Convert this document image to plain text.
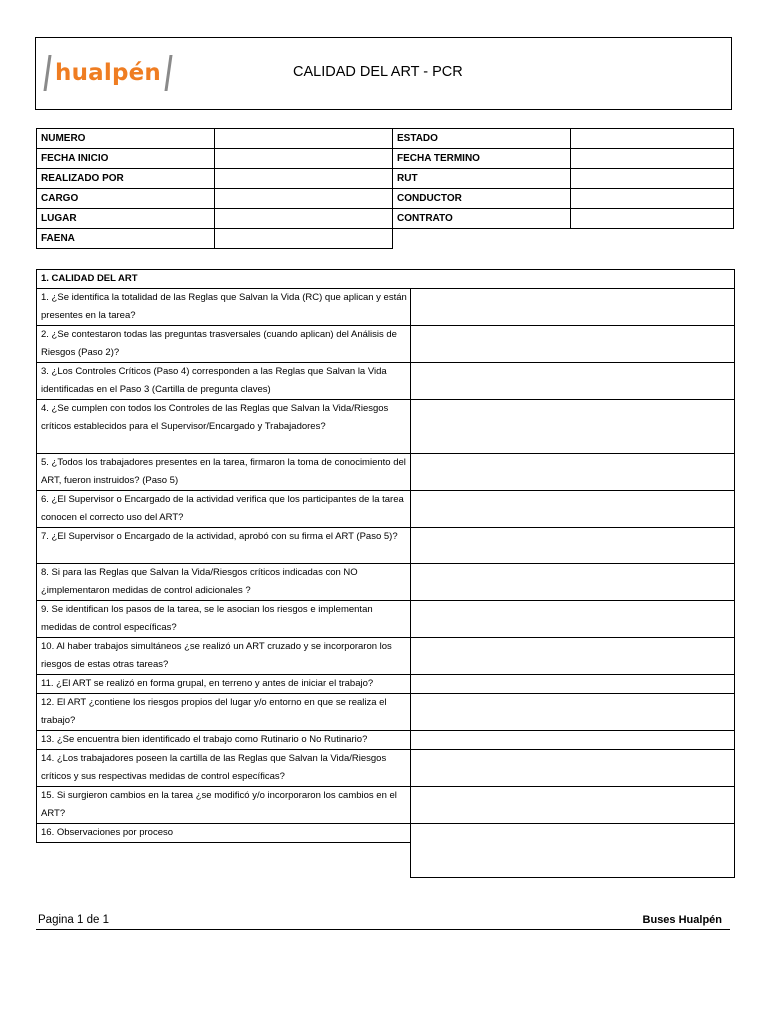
hualpén	CALIDAD DEL ART - PCR
NUMERO		ESTADO	
FECHA INICIO		FECHA TERMINO	
REALIZADO POR		RUT	
CARGO		CONDUCTOR	
LUGAR		CONTRATO	
FAENA			
1. CALIDAD DEL ART	
1. ¿Se identifica la totalidad de las Reglas que Salvan la Vida (RC) que aplican y están presentes en la tarea?	
2. ¿Se contestaron todas las preguntas trasversales (cuando aplican) del Análisis de Riesgos (Paso 2)?	
3. ¿Los Controles Críticos (Paso 4) corresponden a las Reglas que Salvan la Vida identificadas en el Paso 3 (Cartilla de pregunta claves)	
4. ¿Se cumplen con todos los Controles de las Reglas que Salvan la Vida/Riesgos críticos establecidos para el Supervisor/Encargado y Trabajadores?	
5. ¿Todos los trabajadores presentes en la tarea, firmaron la toma de conocimiento del ART, fueron instruidos? (Paso 5)	
6. ¿El Supervisor o Encargado de la actividad verifica que los participantes de la tarea conocen el correcto uso del ART?	
7. ¿El Supervisor o Encargado de la actividad, aprobó con su firma el ART (Paso 5)?	
8. Si para las Reglas que Salvan la Vida/Riesgos críticos indicadas con NO ¿implementaron medidas de control adicionales ?	
9. Se identifican los pasos de la tarea, se le asocian los riesgos e implementan medidas de control específicas?	
10. Al haber trabajos simultáneos ¿se realizó un ART cruzado y se incorporaron los riesgos de estas otras tareas?	
11. ¿El ART se realizó en forma grupal, en terreno y antes de iniciar el trabajo?	
12. El ART ¿contiene los riesgos propios del lugar y/o entorno en que se realiza el trabajo?	
13. ¿Se encuentra bien identificado el trabajo como Rutinario o No Rutinario?	
14. ¿Los trabajadores poseen la cartilla de las Reglas que Salvan la Vida/Riesgos críticos y sus respectivas medidas de control específicas?	
15. Si surgieron cambios en la tarea ¿se modificó y/o incorporaron los cambios en el ART?	
16. Observaciones por proceso	

Pagina 1 de 1	Buses Hualpén
